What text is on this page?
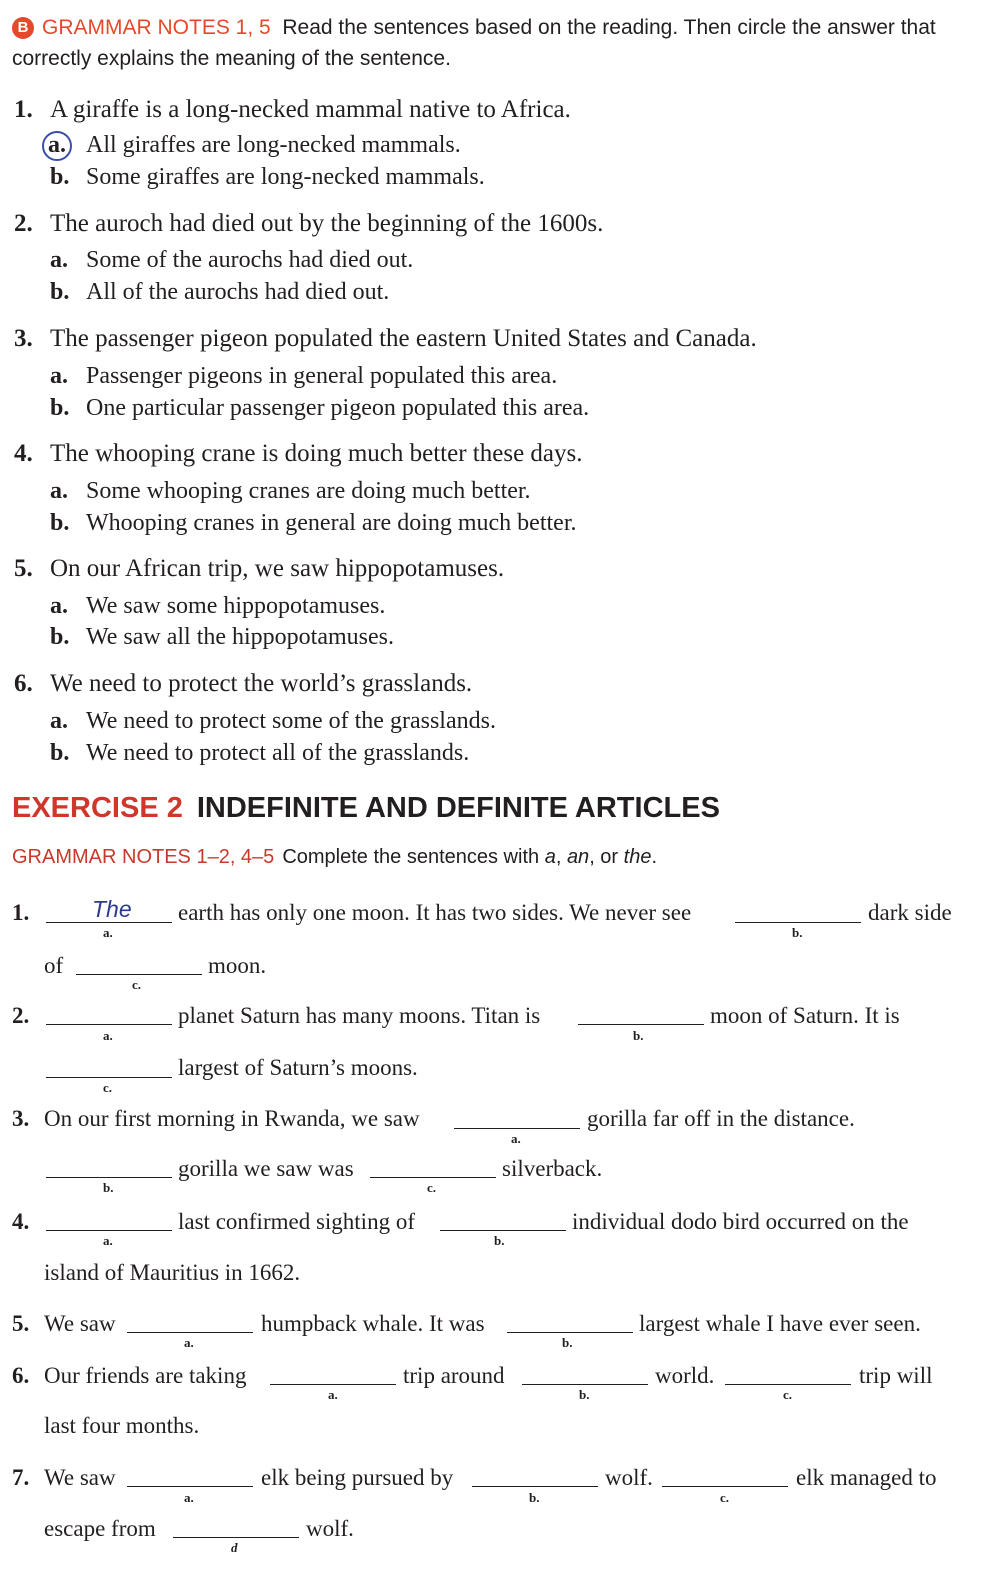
B GRAMMAR NOTES 1, 5 Read the sentences based on the reading. Then circle the answer that correctly explains the meaning of the sentence.
1. A giraffe is a long-necked mammal native to Africa.
a. All giraffes are long-necked mammals.
b. Some giraffes are long-necked mammals.
2. The auroch had died out by the beginning of the 1600s.
a. Some of the aurochs had died out.
b. All of the aurochs had died out.
3. The passenger pigeon populated the eastern United States and Canada.
a. Passenger pigeons in general populated this area.
b. One particular passenger pigeon populated this area.
4. The whooping crane is doing much better these days.
a. Some whooping cranes are doing much better.
b. Whooping cranes in general are doing much better.
5. On our African trip, we saw hippopotamuses.
a. We saw some hippopotamuses.
b. We saw all the hippopotamuses.
6. We need to protect the world’s grasslands.
a. We need to protect some of the grasslands.
b. We need to protect all of the grasslands.
EXERCISE 2 INDEFINITE AND DEFINITE ARTICLES
GRAMMAR NOTES 1–2, 4–5 Complete the sentences with a, an, or the.
1.	The
a.
earth has only one moon. It has two sides. We never see
b.
dark side
of
c.
moon.
2.
a.
planet Saturn has many moons. Titan is
b.
moon of Saturn. It is
c.
largest of Saturn’s moons.
3. On our first morning in Rwanda, we saw
a.
gorilla far off in the distance.
b.
gorilla we saw was
c.
silverback.
4.
a.
last confirmed sighting of
b.
individual dodo bird occurred on the
island of Mauritius in 1662.
5. We saw
a.
humpback whale. It was
b.
largest whale I have ever seen.
6. Our friends are taking
a.
trip around
b.
world.
c.
trip will
last four months.
7. We saw
a.
elk being pursued by
b.
wolf.
c.
elk managed to
escape from
d
wolf.
